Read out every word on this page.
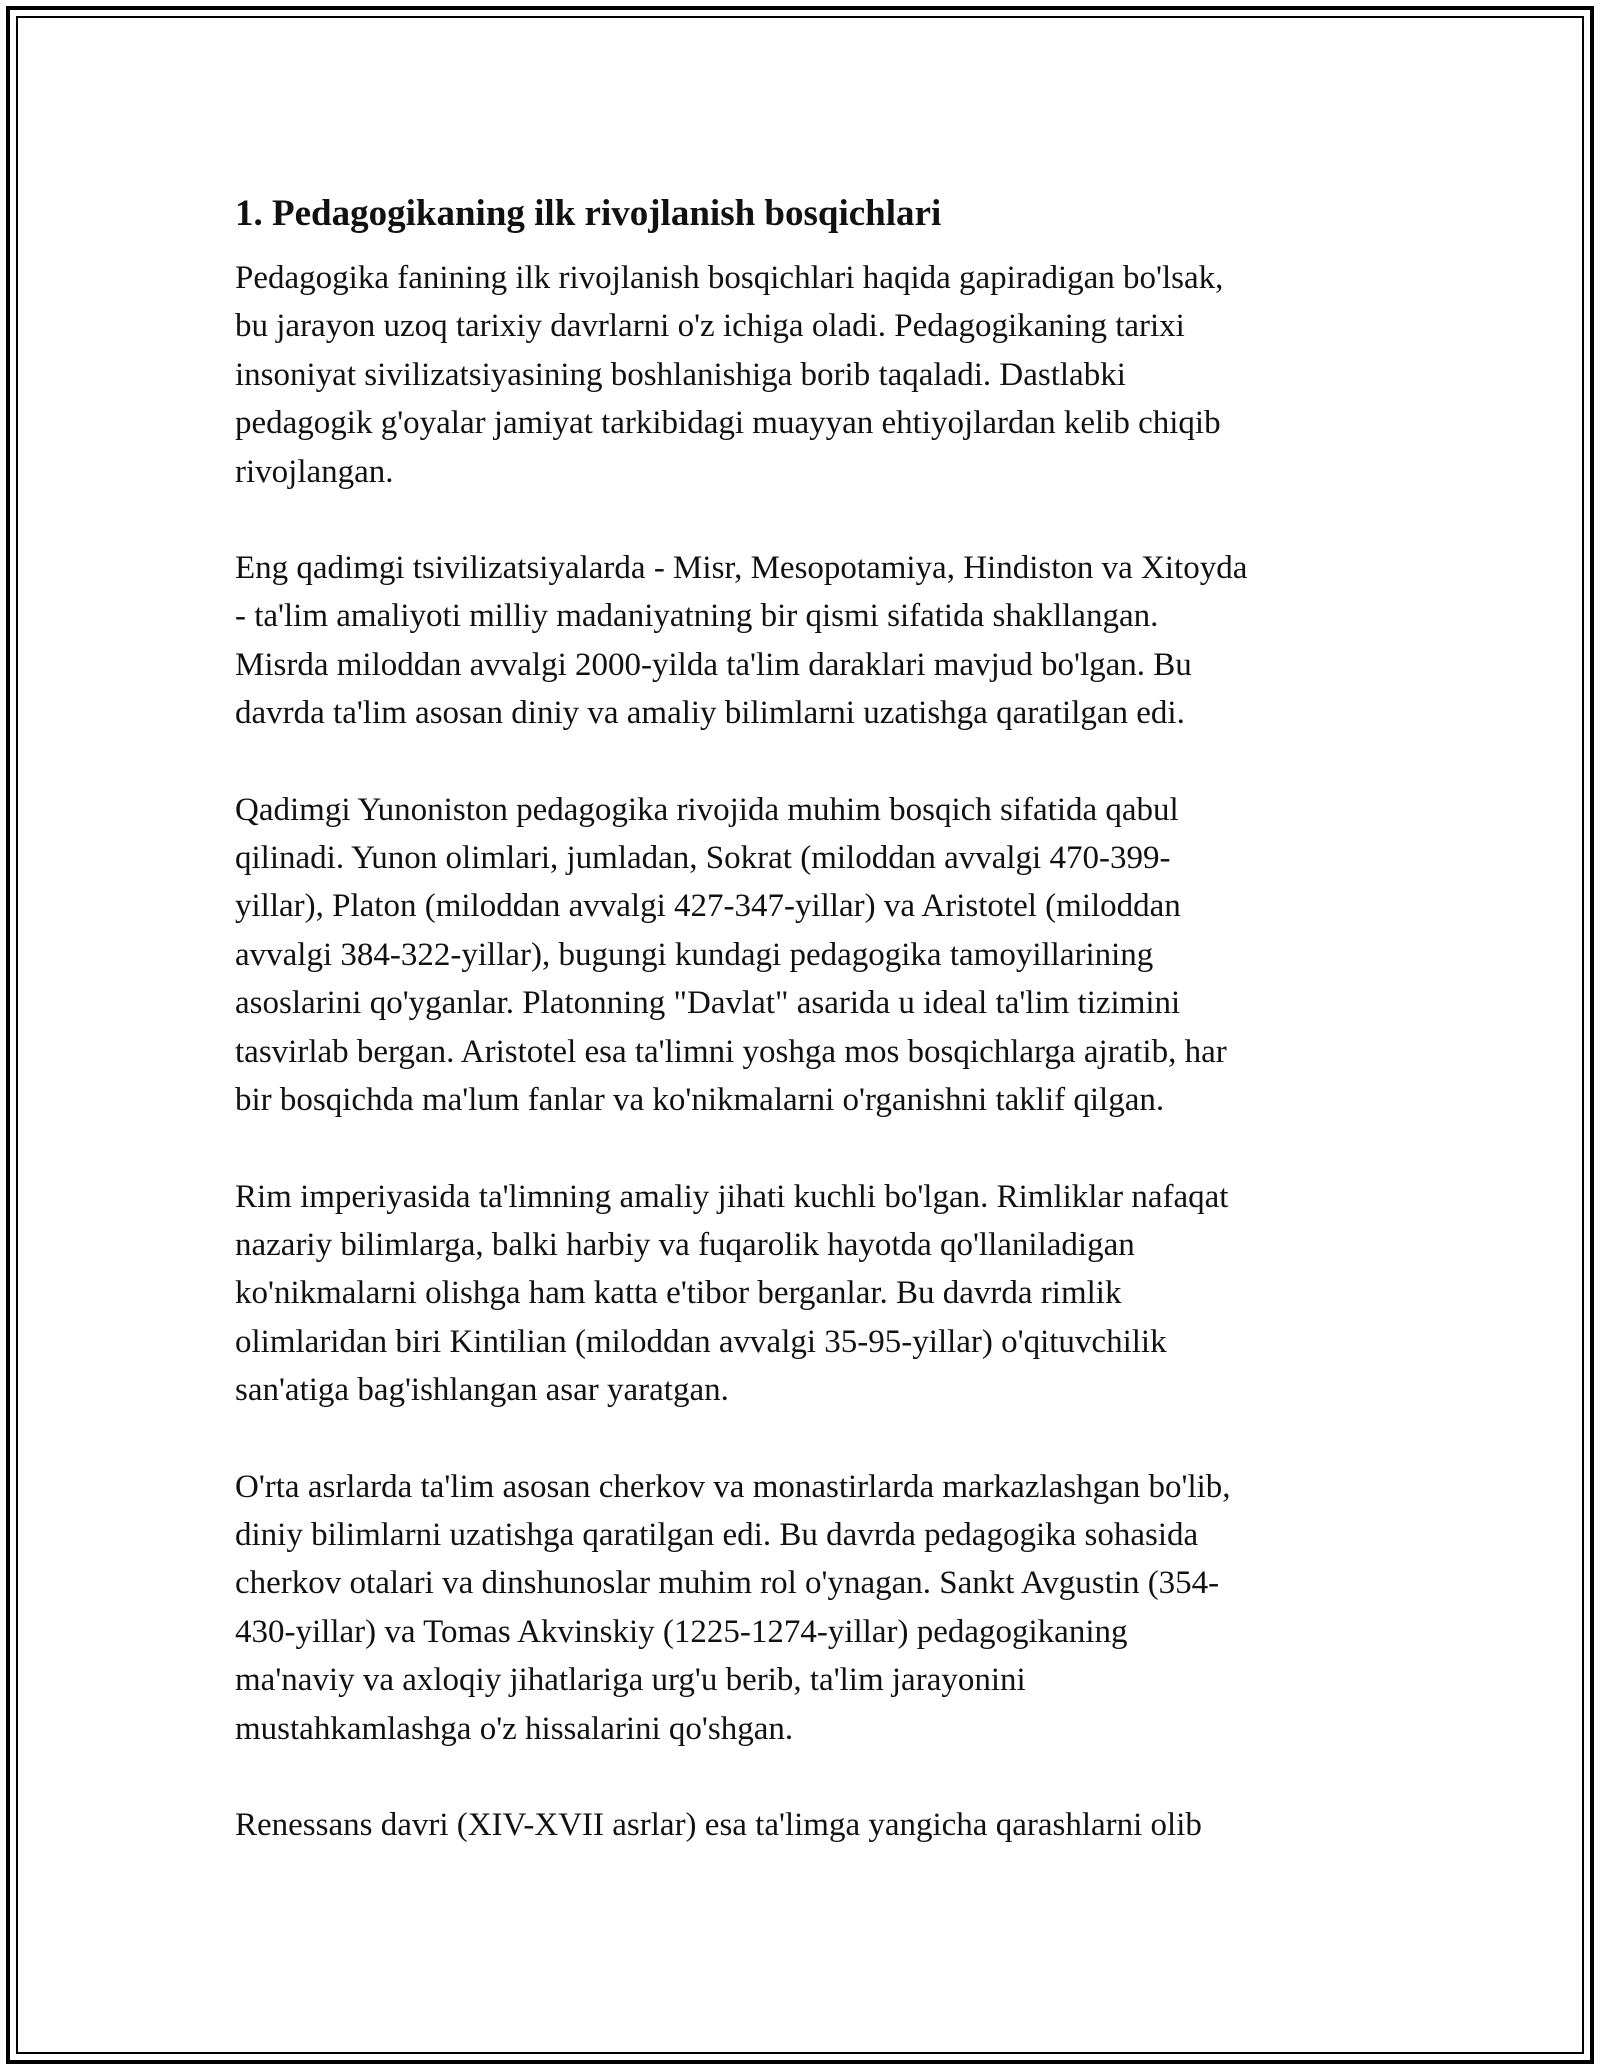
1. Pedagogikaning ilk rivojlanish bosqichlari

Pedagogika fanining ilk rivojlanish bosqichlari haqida gapiradigan bo'lsak,
bu jarayon uzoq tarixiy davrlarni o'z ichiga oladi. Pedagogikaning tarixi
insoniyat sivilizatsiyasining boshlanishiga borib taqaladi. Dastlabki
pedagogik g'oyalar jamiyat tarkibidagi muayyan ehtiyojlardan kelib chiqib
rivojlangan.

Eng qadimgi tsivilizatsiyalarda - Misr, Mesopotamiya, Hindiston va Xitoyda
- ta'lim amaliyoti milliy madaniyatning bir qismi sifatida shakllangan.
Misrda miloddan avvalgi 2000-yilda ta'lim daraklari mavjud bo'lgan. Bu
davrda ta'lim asosan diniy va amaliy bilimlarni uzatishga qaratilgan edi.

Qadimgi Yunoniston pedagogika rivojida muhim bosqich sifatida qabul
qilinadi. Yunon olimlari, jumladan, Sokrat (miloddan avvalgi 470-399-
yillar), Platon (miloddan avvalgi 427-347-yillar) va Aristotel (miloddan
avvalgi 384-322-yillar), bugungi kundagi pedagogika tamoyillarining
asoslarini qo'yganlar. Platonning "Davlat" asarida u ideal ta'lim tizimini
tasvirlab bergan. Aristotel esa ta'limni yoshga mos bosqichlarga ajratib, har
bir bosqichda ma'lum fanlar va ko'nikmalarni o'rganishni taklif qilgan.

Rim imperiyasida ta'limning amaliy jihati kuchli bo'lgan. Rimliklar nafaqat
nazariy bilimlarga, balki harbiy va fuqarolik hayotda qo'llaniladigan
ko'nikmalarni olishga ham katta e'tibor berganlar. Bu davrda rimlik
olimlaridan biri Kintilian (miloddan avvalgi 35-95-yillar) o'qituvchilik
san'atiga bag'ishlangan asar yaratgan.

O'rta asrlarda ta'lim asosan cherkov va monastirlarda markazlashgan bo'lib,
diniy bilimlarni uzatishga qaratilgan edi. Bu davrda pedagogika sohasida
cherkov otalari va dinshunoslar muhim rol o'ynagan. Sankt Avgustin (354-
430-yillar) va Tomas Akvinskiy (1225-1274-yillar) pedagogikaning
ma'naviy va axloqiy jihatlariga urg'u berib, ta'lim jarayonini
mustahkamlashga o'z hissalarini qo'shgan.

Renessans davri (XIV-XVII asrlar) esa ta'limga yangicha qarashlarni olib
